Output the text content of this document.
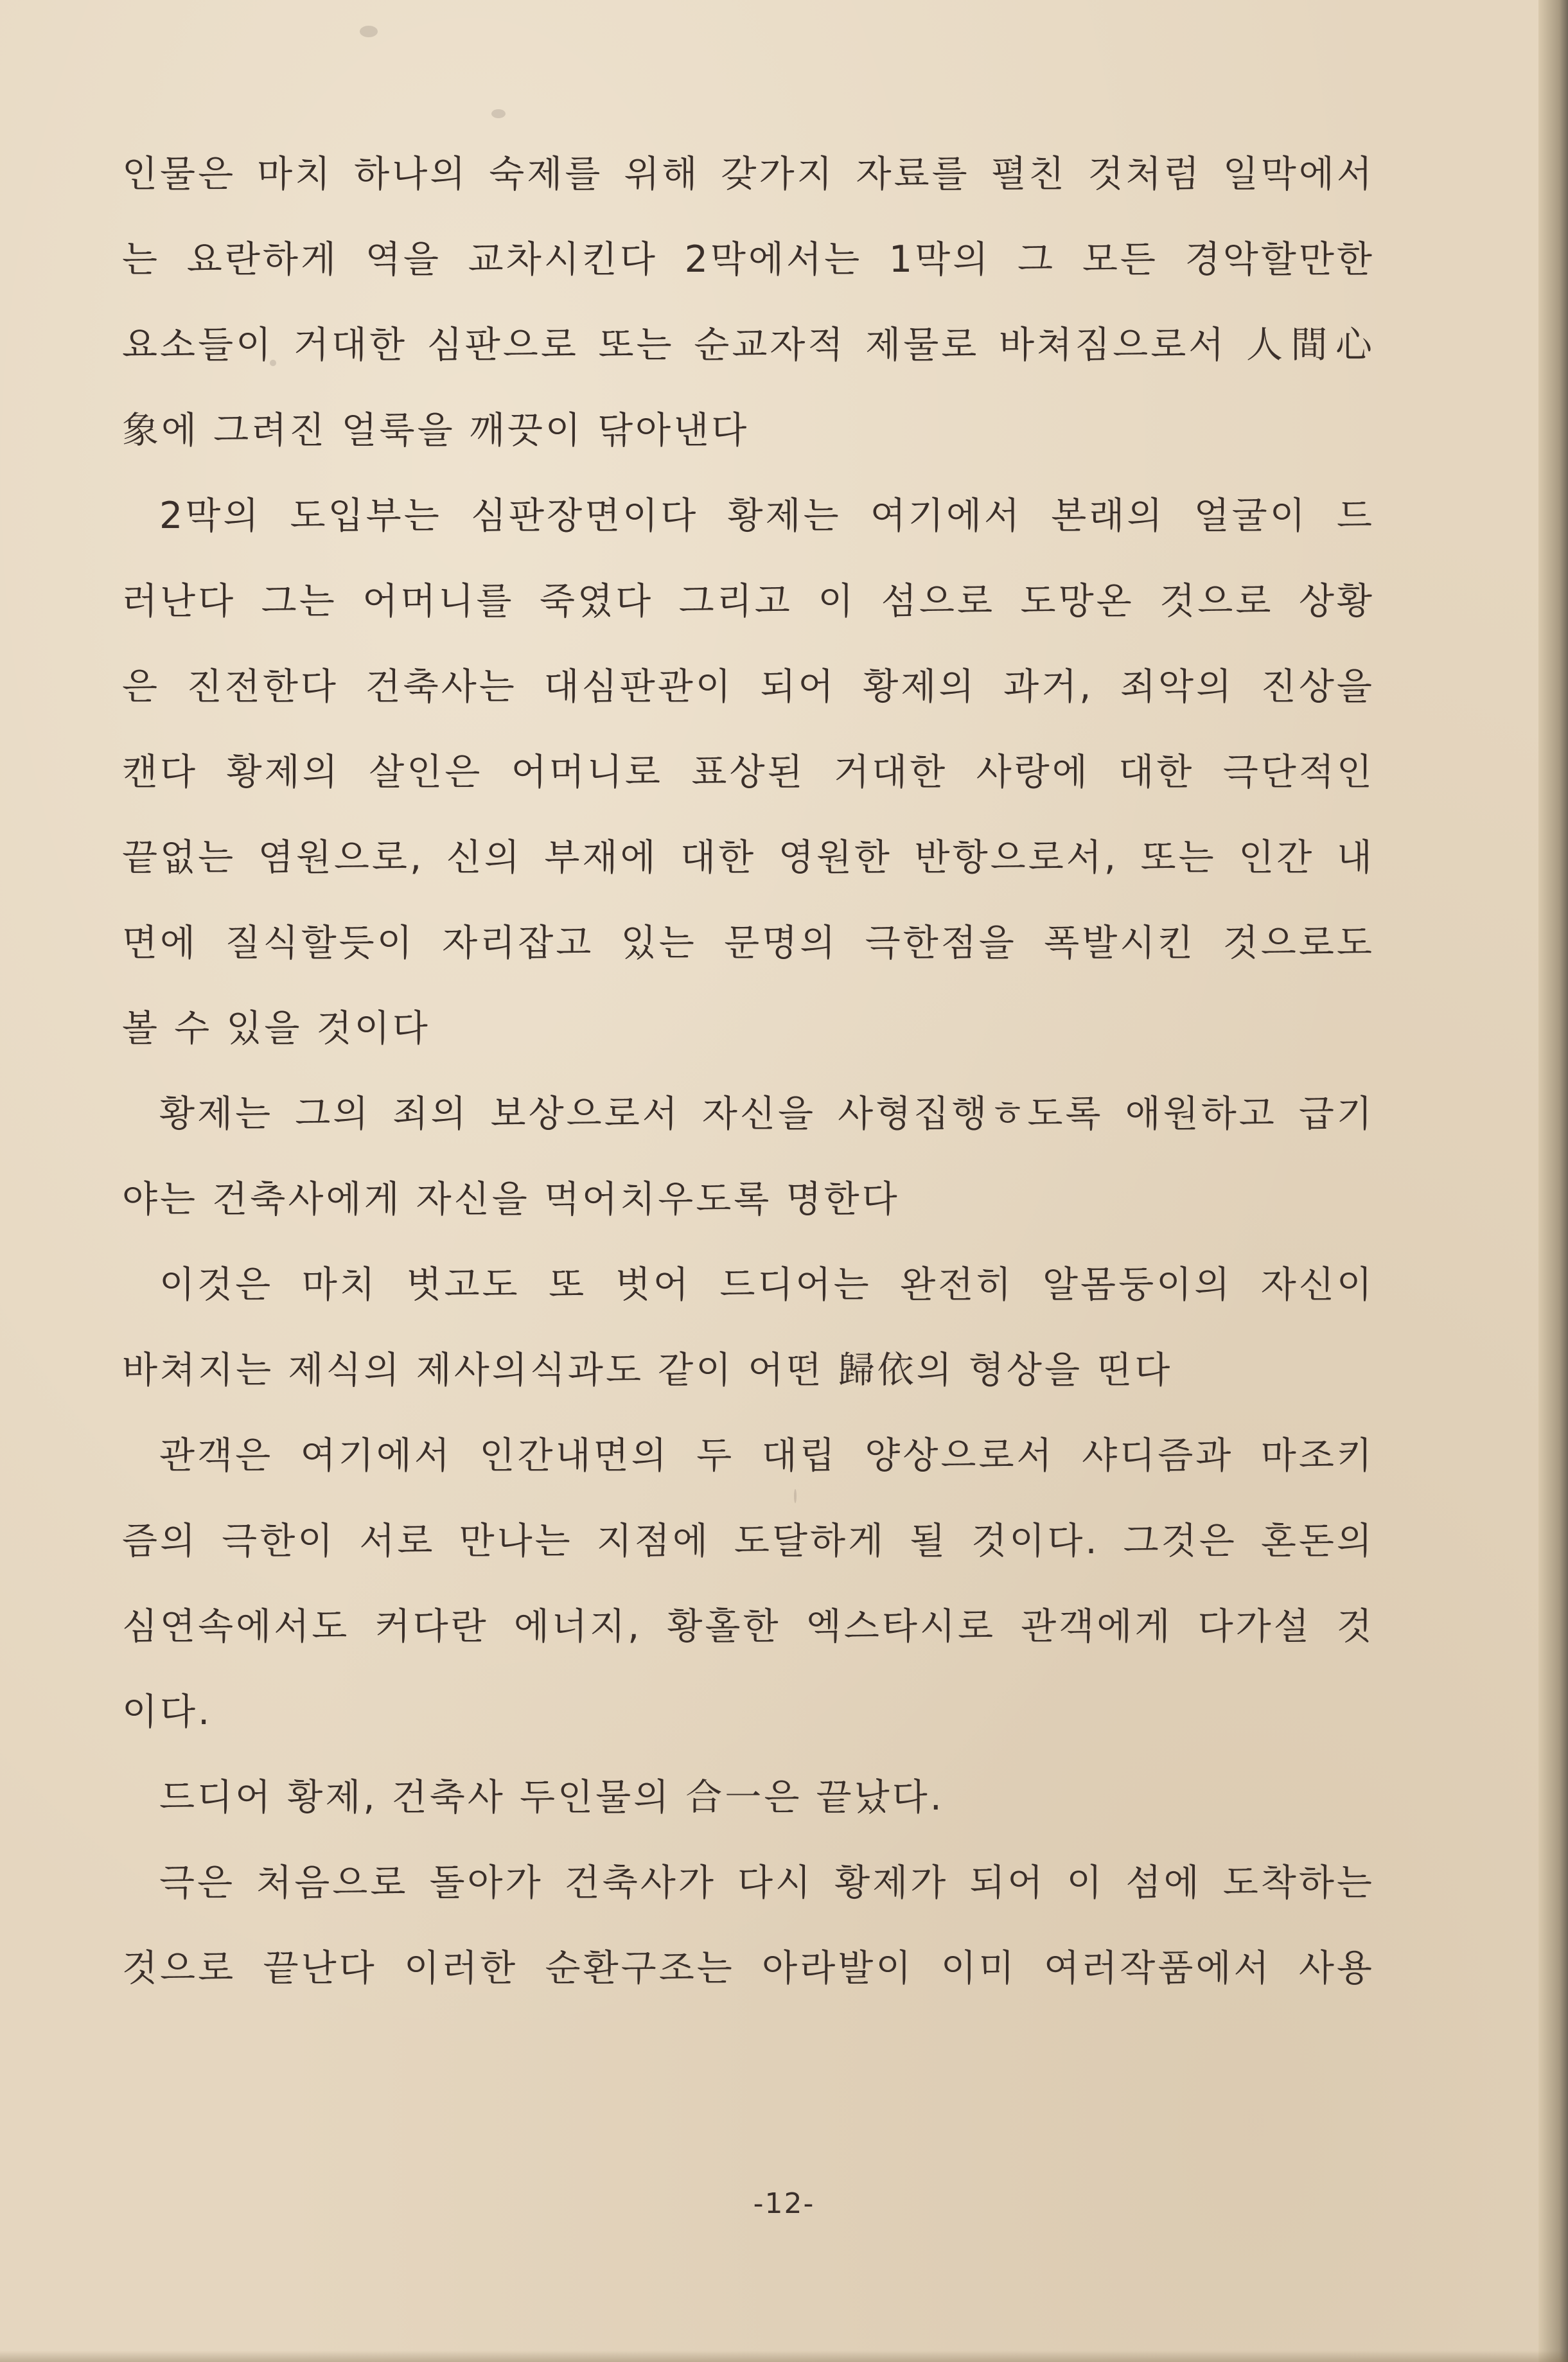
인물은 마치 하나의 숙제를 위해 갖가지 자료를 펼친 것처럼 일막에서
는 요란하게 역을 교차시킨다 2막에서는 1막의 그 모든 경악할만한
요소들이 거대한 심판으로 또는 순교자적 제물로 바쳐짐으로서 人間心
象에 그려진 얼룩을 깨끗이 닦아낸다
2막의 도입부는 심판장면이다 황제는 여기에서 본래의 얼굴이 드
러난다 그는 어머니를 죽였다 그리고 이 섬으로 도망온 것으로 상황
은 진전한다 건축사는 대심판관이 되어 황제의 과거, 죄악의 진상을
캔다 황제의 살인은 어머니로 표상된 거대한 사랑에 대한 극단적인
끝없는 염원으로, 신의 부재에 대한 영원한 반항으로서, 또는 인간 내
면에 질식할듯이 자리잡고 있는 문명의 극한점을 폭발시킨 것으로도
볼 수 있을 것이다
황제는 그의 죄의 보상으로서 자신을 사형집행ㅎ도록 애원하고 급기
야는 건축사에게 자신을 먹어치우도록 명한다
이것은 마치 벗고도 또 벗어 드디어는 완전히 알몸둥이의 자신이
바쳐지는 제식의 제사의식과도 같이 어떤 歸依의 형상을 띤다
관객은 여기에서 인간내면의 두 대립 양상으로서 샤디즘과 마조키
즘의 극한이 서로 만나는 지점에 도달하게 될 것이다. 그것은 혼돈의
심연속에서도 커다란 에너지, 황홀한 엑스타시로 관객에게 다가설 것
이다.
드디어 황제, 건축사 두인물의 合一은 끝났다.
극은 처음으로 돌아가 건축사가 다시 황제가 되어 이 섬에 도착하는
것으로 끝난다 이러한 순환구조는 아라발이 이미 여러작품에서 사용
-12-
